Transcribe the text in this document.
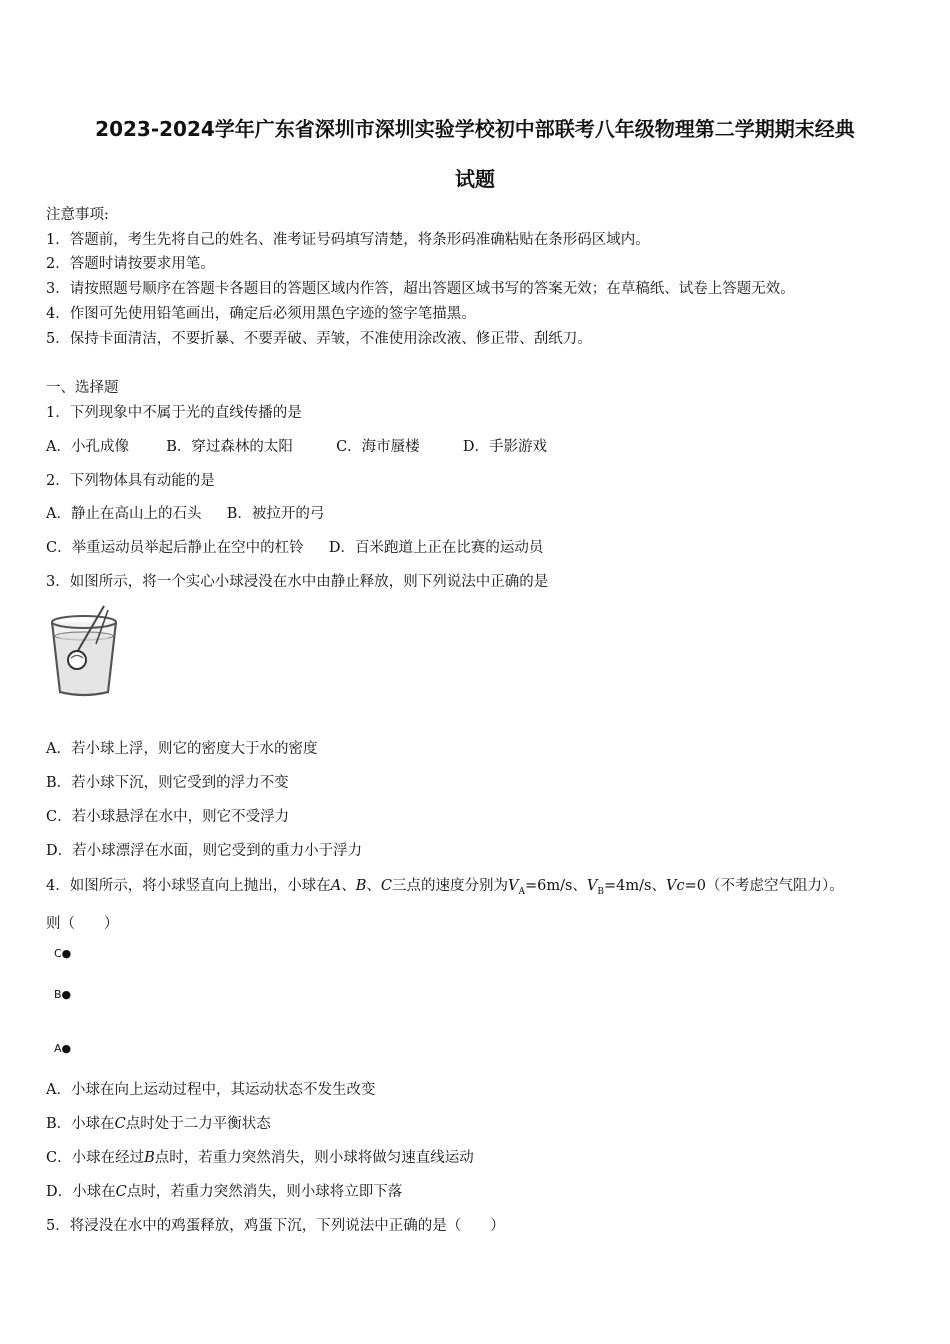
2023-2024学年广东省深圳市深圳实验学校初中部联考八年级物理第二学期期末经典
试题
注意事项:
1．答题前，考生先将自己的姓名、准考证号码填写清楚，将条形码准确粘贴在条形码区域内。
2．答题时请按要求用笔。
3．请按照题号顺序在答题卡各题目的答题区域内作答，超出答题区域书写的答案无效；在草稿纸、试卷上答题无效。
4．作图可先使用铅笔画出，确定后必须用黑色字迹的签字笔描黑。
5．保持卡面清洁，不要折暴、不要弄破、弄皱，不准使用涂改液、修正带、刮纸刀。
一、选择题
1．下列现象中不属于光的直线传播的是
A．小孔成像	B．穿过森林的太阳	C．海市蜃楼	D．手影游戏
2．下列物体具有动能的是
A．静止在高山上的石头 B．被拉开的弓
C．举重运动员举起后静止在空中的杠铃 D．百米跑道上正在比赛的运动员
3．如图所示，将一个实心小球浸没在水中由静止释放，则下列说法中正确的是
A．若小球上浮，则它的密度大于水的密度
B．若小球下沉，则它受到的浮力不变
C．若小球悬浮在水中，则它不受浮力
D．若小球漂浮在水面，则它受到的重力小于浮力
4．如图所示，将小球竖直向上抛出，小球在A、B、C三点的速度分别为$V_A=6m/s$、$V_B=4m/s$、Vc=0（不考虑空气阻力）。
则（　　）
C●
B●
A●
A．小球在向上运动过程中，其运动状态不发生改变
B．小球在C点时处于二力平衡状态
C．小球在经过B点时，若重力突然消失，则小球将做匀速直线运动
D．小球在C点时，若重力突然消失，则小球将立即下落
5．将浸没在水中的鸡蛋释放，鸡蛋下沉，下列说法中正确的是（　　）
